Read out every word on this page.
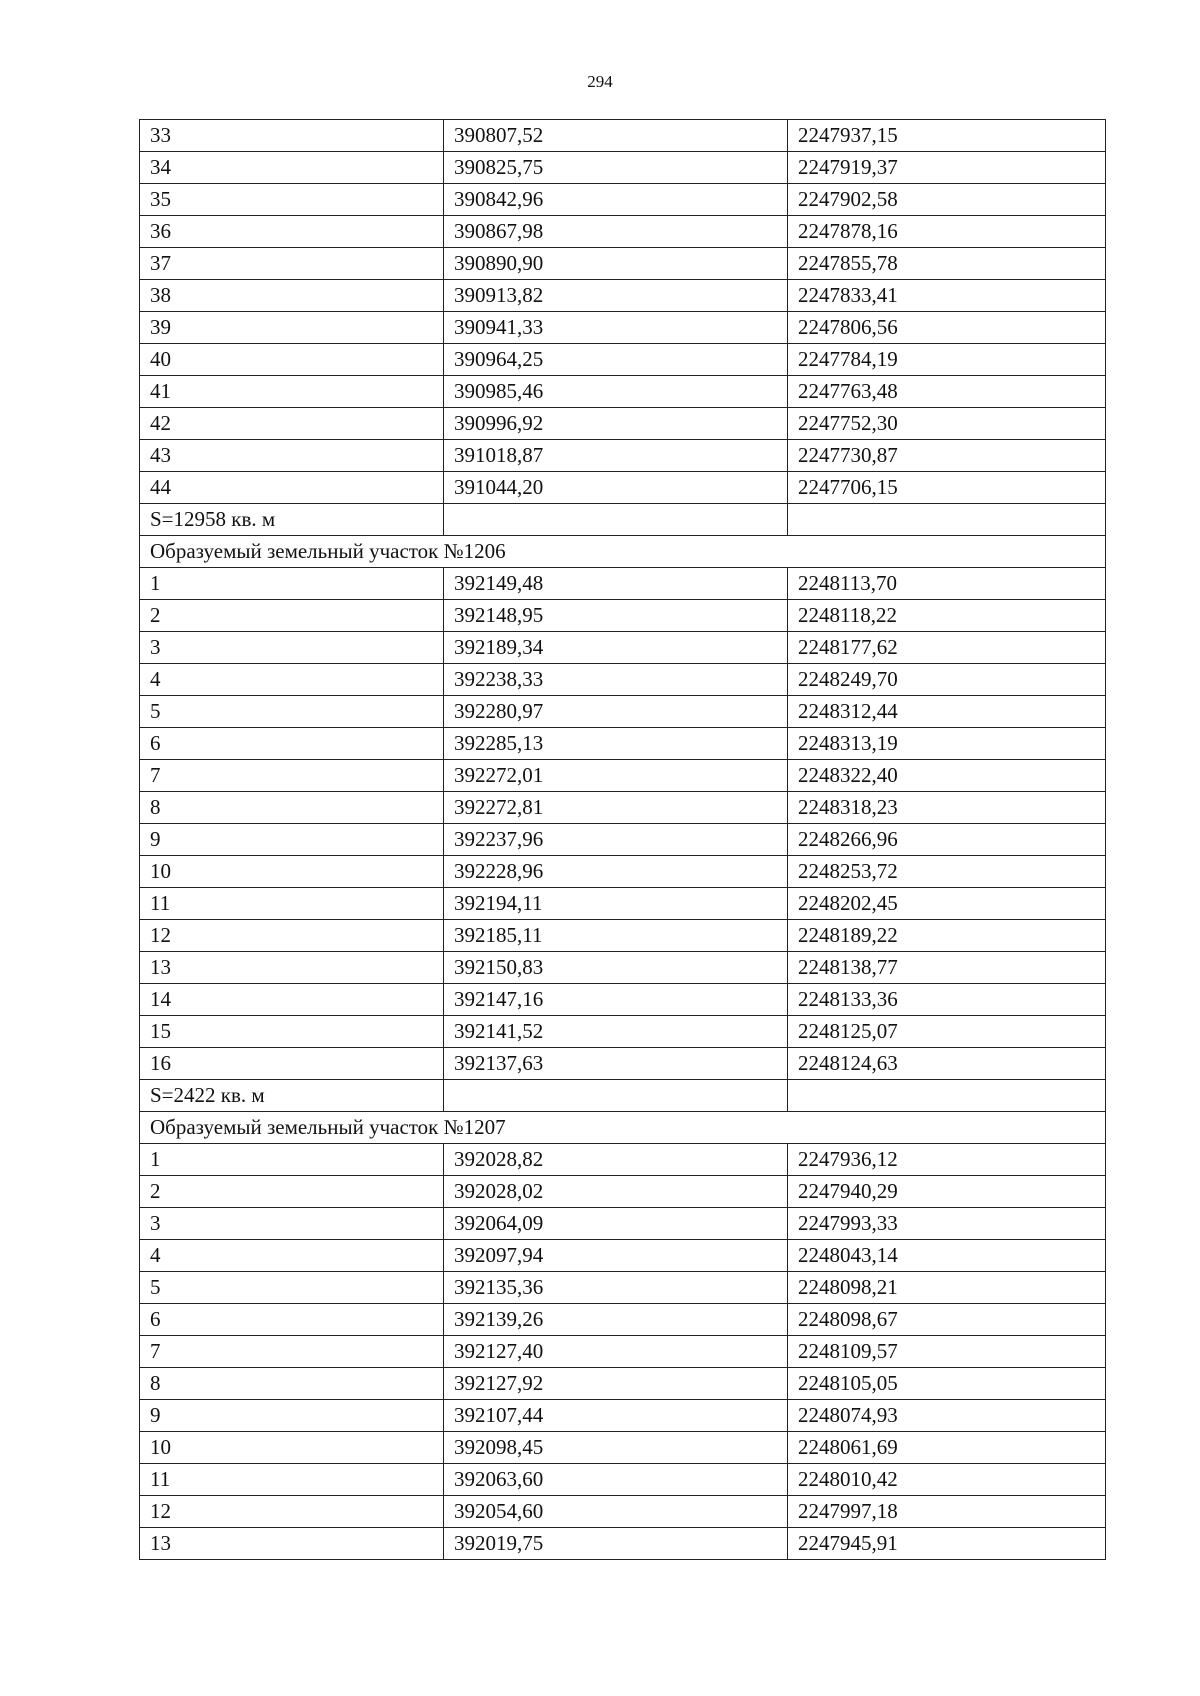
294
33	390807,52	2247937,15
34	390825,75	2247919,37
35	390842,96	2247902,58
36	390867,98	2247878,16
37	390890,90	2247855,78
38	390913,82	2247833,41
39	390941,33	2247806,56
40	390964,25	2247784,19
41	390985,46	2247763,48
42	390996,92	2247752,30
43	391018,87	2247730,87
44	391044,20	2247706,15
S=12958 кв. м		
Образуемый земельный участок №1206		
1	392149,48	2248113,70
2	392148,95	2248118,22
3	392189,34	2248177,62
4	392238,33	2248249,70
5	392280,97	2248312,44
6	392285,13	2248313,19
7	392272,01	2248322,40
8	392272,81	2248318,23
9	392237,96	2248266,96
10	392228,96	2248253,72
11	392194,11	2248202,45
12	392185,11	2248189,22
13	392150,83	2248138,77
14	392147,16	2248133,36
15	392141,52	2248125,07
16	392137,63	2248124,63
S=2422 кв. м		
Образуемый земельный участок №1207		
1	392028,82	2247936,12
2	392028,02	2247940,29
3	392064,09	2247993,33
4	392097,94	2248043,14
5	392135,36	2248098,21
6	392139,26	2248098,67
7	392127,40	2248109,57
8	392127,92	2248105,05
9	392107,44	2248074,93
10	392098,45	2248061,69
11	392063,60	2248010,42
12	392054,60	2247997,18
13	392019,75	2247945,91
